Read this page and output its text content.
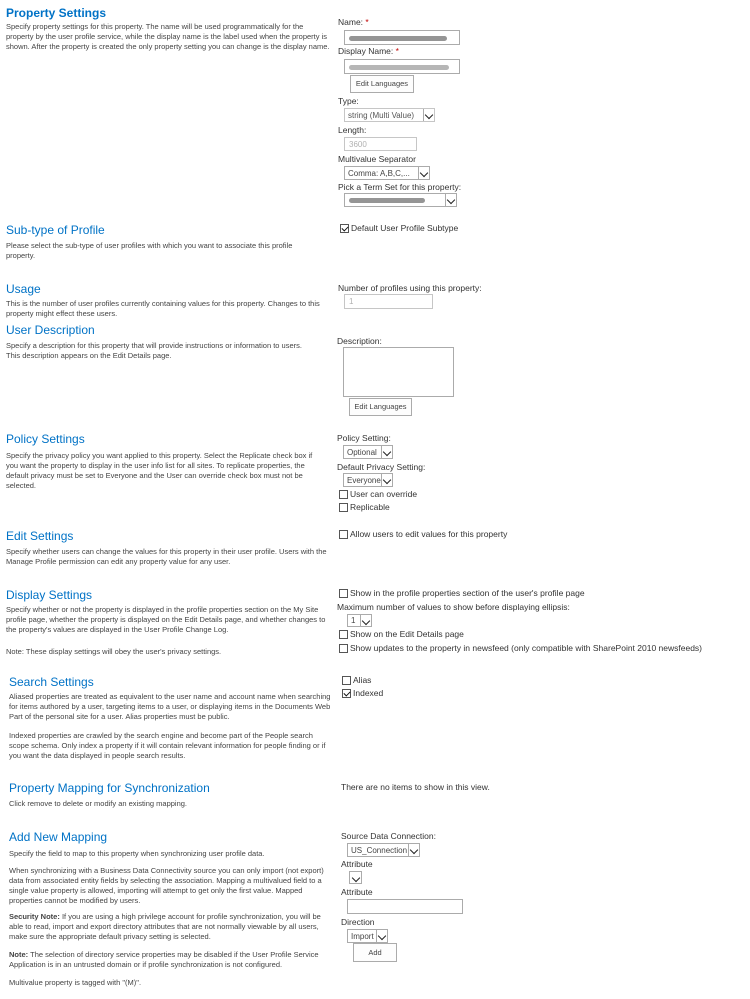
Property Settings
Specify property settings for this property. The name will be used programmatically for the property by the user profile service, while the display name is the label used when the property is shown. After the property is created the only property setting you can change is the display name.
Name: *
Display Name: *
Edit Languages
Type:
string (Multi Value)
Length:
3600
Multivalue Separator
Comma: A,B,C,...
Pick a Term Set for this property:
Sub-type of Profile
Please select the sub-type of user profiles with which you want to associate this profile property.
Default User Profile Subtype
Usage
This is the number of user profiles currently containing values for this property. Changes to this property might effect these users.
Number of profiles using this property:
1
User Description
Specify a description for this property that will provide instructions or information to users. This description appears on the Edit Details page.
Description:
Edit Languages
Policy Settings
Specify the privacy policy you want applied to this property. Select the Replicate check box if you want the property to display in the user info list for all sites. To replicate properties, the default privacy must be set to Everyone and the User can override check box must not be selected.
Policy Setting:
Optional
Default Privacy Setting:
Everyone
User can override
Replicable
Edit Settings
Specify whether users can change the values for this property in their user profile. Users with the Manage Profile permission can edit any property value for any user.
Allow users to edit values for this property
Display Settings
Specify whether or not the property is displayed in the profile properties section on the My Site profile page, whether the property is displayed on the Edit Details page, and whether changes to the property's values are displayed in the User Profile Change Log.
Note: These display settings will obey the user's privacy settings.
Show in the profile properties section of the user's profile page
Maximum number of values to show before displaying ellipsis:
1
Show on the Edit Details page
Show updates to the property in newsfeed (only compatible with SharePoint 2010 newsfeeds)
Search Settings
Aliased properties are treated as equivalent to the user name and account name when searching for items authored by a user, targeting items to a user, or displaying items in the Documents Web Part of the personal site for a user. Alias properties must be public.
Indexed properties are crawled by the search engine and become part of the People search scope schema. Only index a property if it will contain relevant information for people finding or if you want the data displayed in people search results.
Alias
Indexed
Property Mapping for Synchronization
Click remove to delete or modify an existing mapping.
There are no items to show in this view.
Add New Mapping
Specify the field to map to this property when synchronizing user profile data.
When synchronizing with a Business Data Connectivity source you can only import (not export) data from associated entity fields by selecting the association. Mapping a multivalued field to a single value property is allowed, importing will attempt to get only the first value. Mapped properties cannot be modified by users.
Security Note: If you are using a high privilege account for profile synchronization, you will be able to read, import and export directory attributes that are not normally viewable by all users, make sure the appropriate default privacy setting is selected.
Note: The selection of directory service properties may be disabled if the User Profile Service Application is in an untrusted domain or if profile synchronization is not configured.
Multivalue property is tagged with "(M)".
Source Data Connection:
US_Connection
Attribute
Attribute
Direction
Import
Add
